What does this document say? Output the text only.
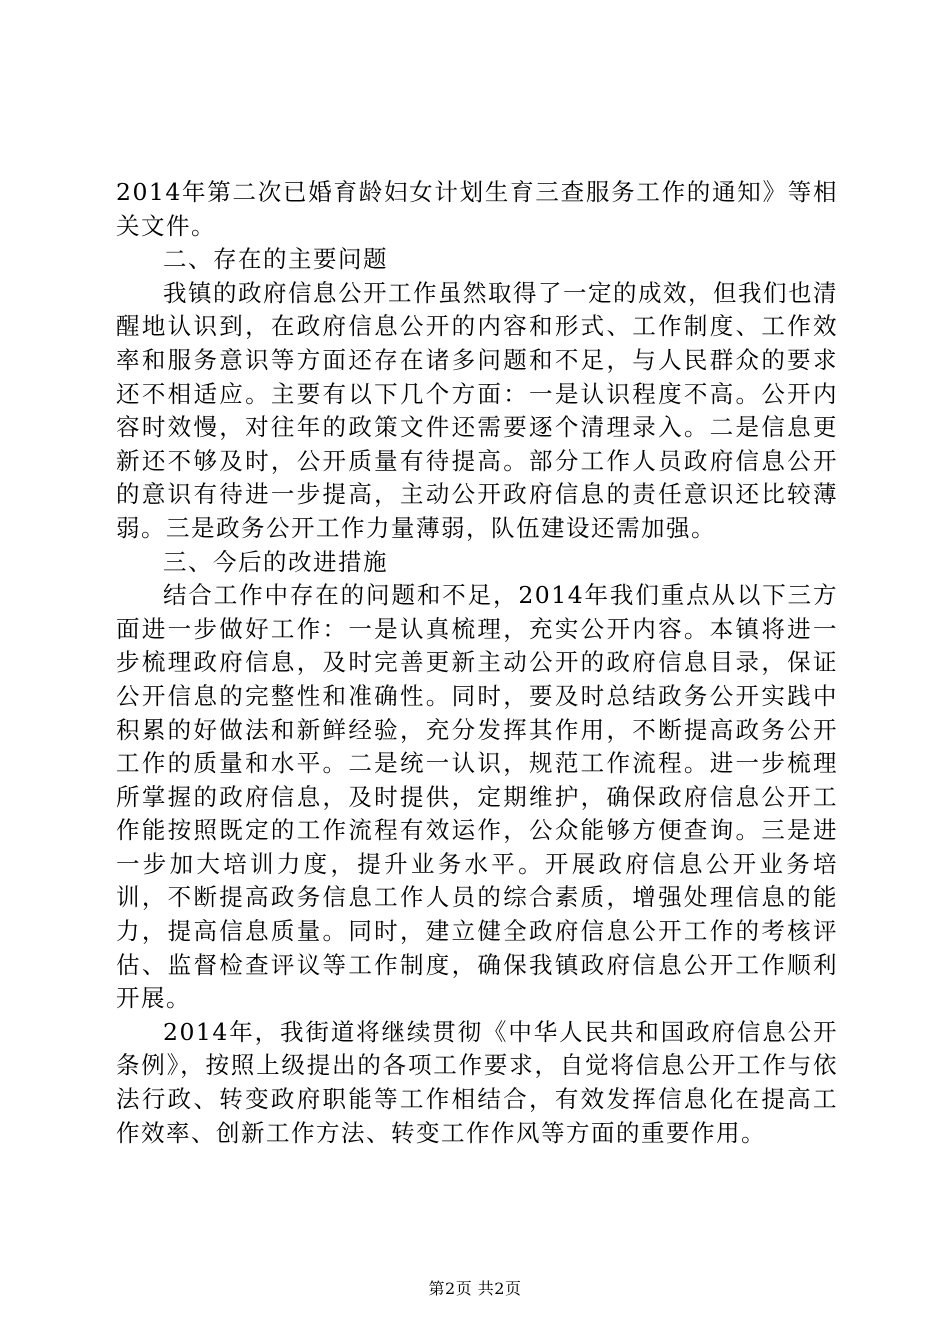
2014年第二次已婚育龄妇女计划生育三查服务工作的通知》等相关文件。

二、存在的主要问题

我镇的政府信息公开工作虽然取得了一定的成效，但我们也清醒地认识到，在政府信息公开的内容和形式、工作制度、工作效率和服务意识等方面还存在诸多问题和不足，与人民群众的要求还不相适应。主要有以下几个方面：一是认识程度不高。公开内容时效慢，对往年的政策文件还需要逐个清理录入。二是信息更新还不够及时，公开质量有待提高。部分工作人员政府信息公开的意识有待进一步提高，主动公开政府信息的责任意识还比较薄弱。三是政务公开工作力量薄弱，队伍建设还需加强。

三、今后的改进措施

结合工作中存在的问题和不足，2014年我们重点从以下三方面进一步做好工作：一是认真梳理，充实公开内容。本镇将进一步梳理政府信息，及时完善更新主动公开的政府信息目录，保证公开信息的完整性和准确性。同时，要及时总结政务公开实践中积累的好做法和新鲜经验，充分发挥其作用，不断提高政务公开工作的质量和水平。二是统一认识，规范工作流程。进一步梳理所掌握的政府信息，及时提供，定期维护，确保政府信息公开工作能按照既定的工作流程有效运作，公众能够方便查询。三是进一步加大培训力度，提升业务水平。开展政府信息公开业务培训，不断提高政务信息工作人员的综合素质，增强处理信息的能力，提高信息质量。同时，建立健全政府信息公开工作的考核评估、监督检查评议等工作制度，确保我镇政府信息公开工作顺利开展。

2014年，我街道将继续贯彻《中华人民共和国政府信息公开条例》，按照上级提出的各项工作要求，自觉将信息公开工作与依法行政、转变政府职能等工作相结合，有效发挥信息化在提高工作效率、创新工作方法、转变工作作风等方面的重要作用。

第2页 共2页
